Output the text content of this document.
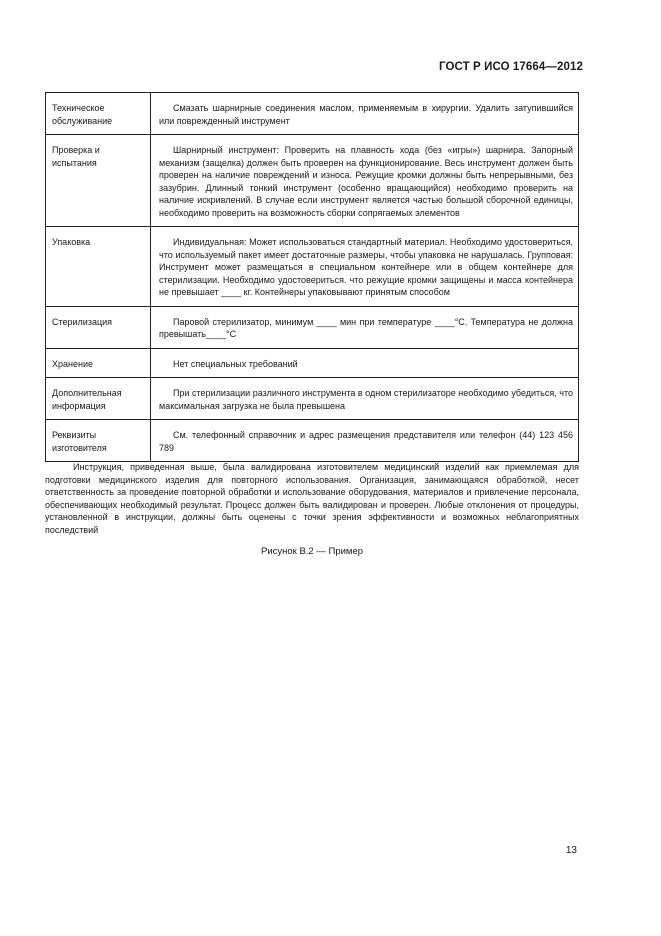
ГОСТ Р ИСО 17664—2012
Техническое обслуживание	Смазать шарнирные соединения маслом, применяемым в хирургии. Удалить затупившийся или поврежденный инструмент

Проверка и испытания	Шарнирный инструмент: Проверить на плавность хода (без «игры») шарнира. Запорный механизм (защелка) должен быть проверен на функционирование. Весь инструмент должен быть проверен на наличие повреждений и износа. Режущие кромки должны быть непрерывными, без зазубрин. Длинный тонкий инструмент (особенно вращающийся) необходимо проверить на наличие искривлений. В случае если инструмент является частью большой сборочной единицы, необходимо проверить на возможность сборки сопрягаемых элементов

Упаковка	Индивидуальная: Может использоваться стандартный материал. Необходимо удостовериться, что используемый пакет имеет достаточные размеры, чтобы упаковка не нарушалась. Групповая: Инструмент может размещаться в специальном контейнере или в общем контейнере для стерилизации. Необходимо удостовериться. что режущие кромки защищены и масса контейнера не превышает ____ кг. Контейнеры упаковывают принятым способом

Стерилизация	Паровой стерилизатор, минимум ____ мин при температуре ____°С. Температура не должна превышать____°С

Хранение	Нет специальных требований

Дополнительная информация	При стерилизации различного инструмента в одном стерилизаторе необходимо убедиться, что максимальная загрузка не была превышена

Реквизиты изготовителя	См. телефонный справочник и адрес размещения представителя или телефон (44) 123 456 789

Инструкция, приведенная выше, была валидирована изготовителем медицинский изделий как приемлемая для подготовки медицинского изделия для повторного использования. Организация, занимающаяся обработкой, несет ответственность за проведение повторной обработки и использование оборудования, материалов и привлечение персонала, обеспечивающих необходимый результат. Процесс должен быть валидирован и проверен. Любые отклонения от процедуры, установленной в инструкции, должны быть оценены с точки зрения эффективности и возможных неблагоприятных последствий

Рисунок В.2 — Пример
13
